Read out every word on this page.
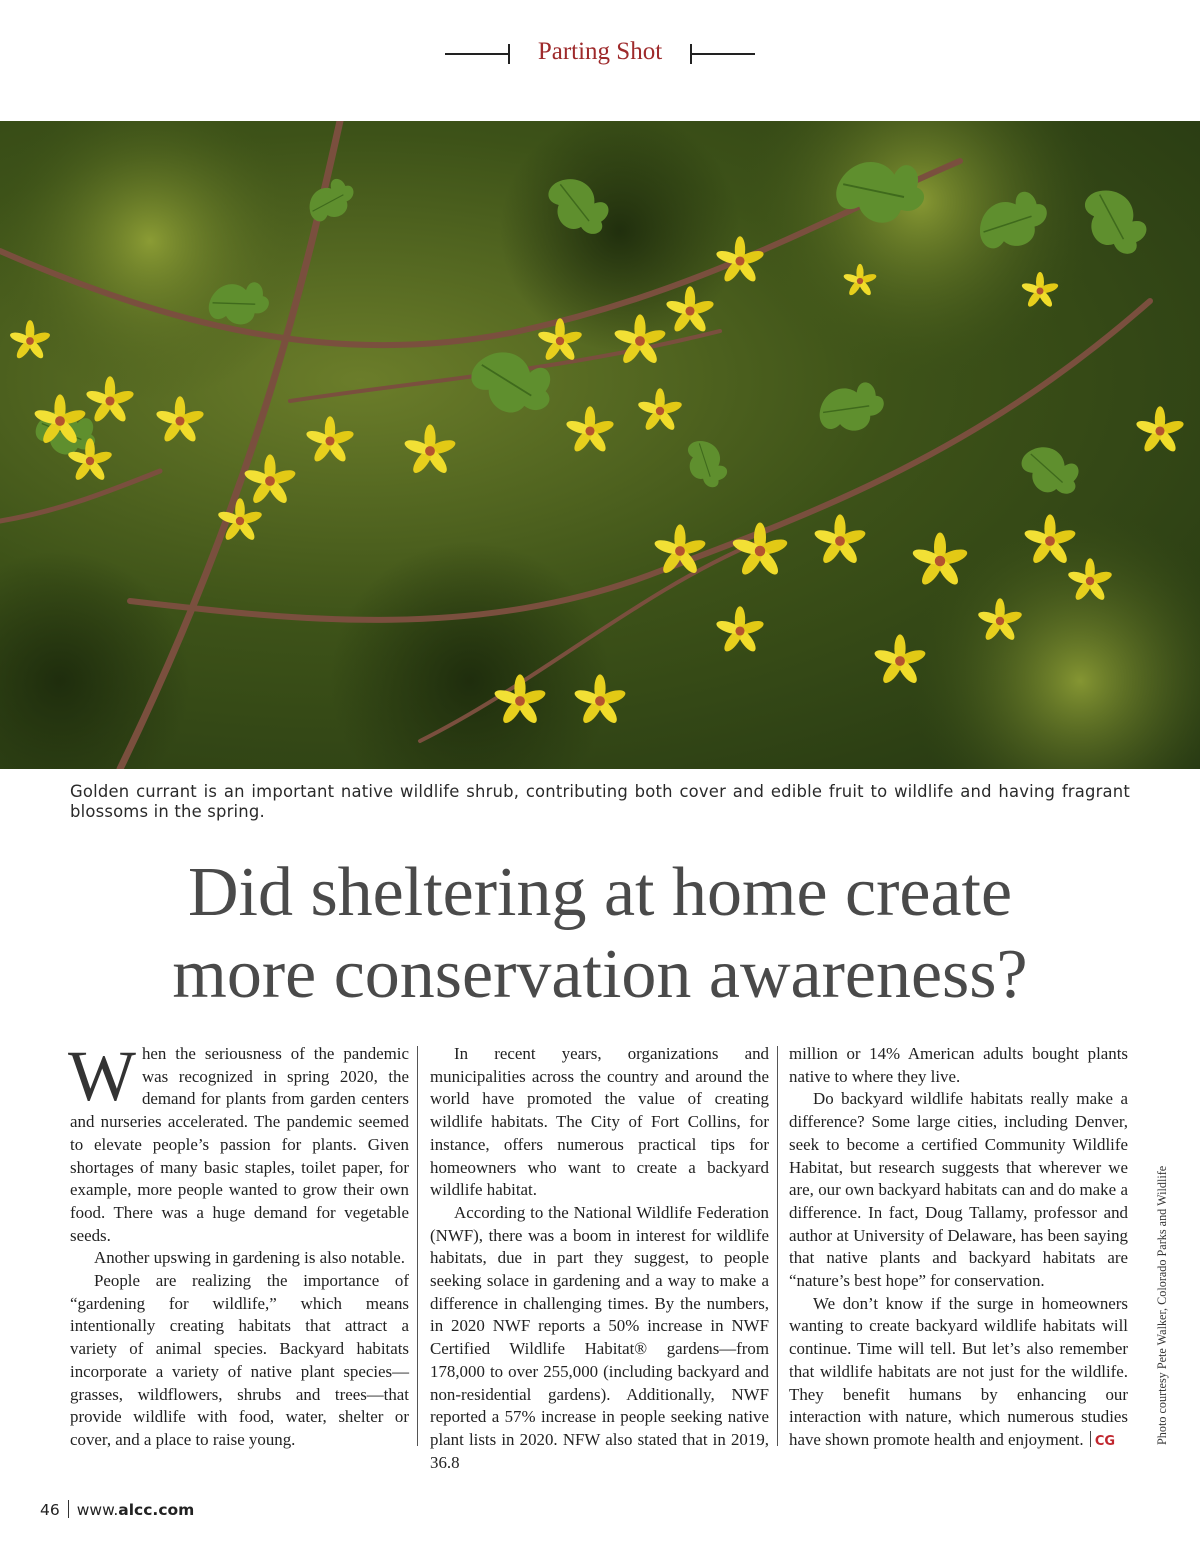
Parting Shot
Golden currant is an important native wildlife shrub, contributing both cover and edible fruit to wildlife and having fragrant blossoms in the spring.
Did sheltering at home create
more conservation awareness?

When the seriousness of the pandemic was recognized in spring 2020, the demand for plants from garden centers and nurseries accelerated. The pandemic seemed to elevate people’s passion for plants. Given shortages of many basic staples, toilet paper, for example, more people wanted to grow their own food. There was a huge demand for vegetable seeds.

Another upswing in gardening is also notable.

People are realizing the importance of “gardening for wildlife,” which means intentionally creating habitats that attract a variety of animal species. Backyard habitats incorporate a variety of native plant species—grasses, wildflowers, shrubs and trees—that provide wildlife with food, water, shelter or cover, and a place to raise young.

In recent years, organizations and municipalities across the country and around the world have promoted the value of creating wildlife habitats. The City of Fort Collins, for instance, offers numerous practical tips for homeowners who want to create a backyard wildlife habitat.

According to the National Wildlife Federation (NWF), there was a boom in interest for wildlife habitats, due in part they suggest, to people seeking solace in gardening and a way to make a difference in challenging times. By the numbers, in 2020 NWF reports a 50% increase in NWF Certified Wildlife Habitat® gardens—from 178,000 to over 255,000 (including backyard and non-residential gardens). Additionally, NWF reported a 57% increase in people seeking native plant lists in 2020. NFW also stated that in 2019, 36.8

million or 14% American adults bought plants native to where they live.

Do backyard wildlife habitats really make a difference? Some large cities, including Denver, seek to become a certified Community Wildlife Habitat, but research suggests that wherever we are, our own backyard habitats can and do make a difference. In fact, Doug Tallamy, professor and author at University of Delaware, has been saying that native plants and backyard habitats are “nature’s best hope” for conservation.

We don’t know if the surge in homeowners wanting to create backyard wildlife habitats will continue. Time will tell. But let’s also remember that wildlife habitats are not just for the wildlife. They benefit humans by enhancing our interaction with nature, which numerous studies have shown promote health and enjoyment. CG	Photo courtesy Pete Walker, Colorado Parks and Wildlife
46 www.alcc.com
